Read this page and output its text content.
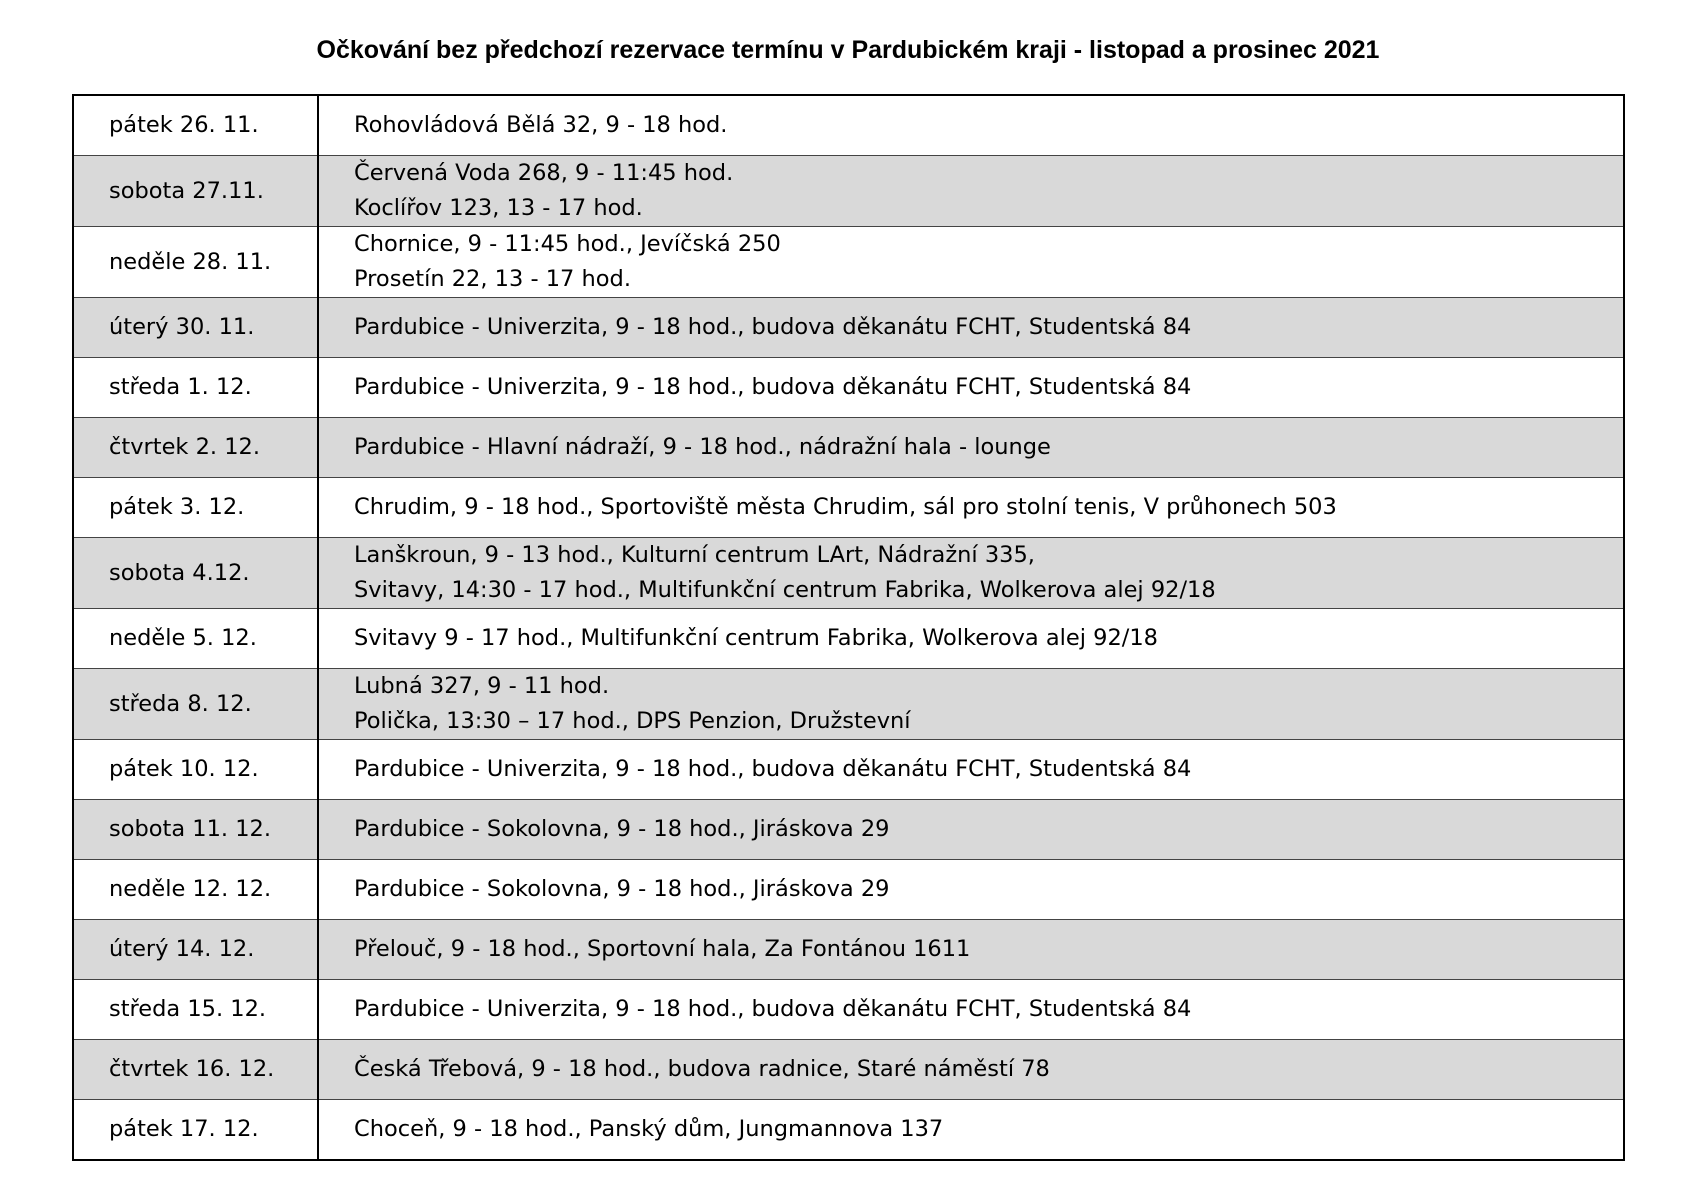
Očkování bez předchozí rezervace termínu v Pardubickém kraji - listopad a prosinec 2021
pátek 26. 11.	Rohovládová Bělá 32, 9 - 18 hod.

sobota 27.11.	Červená Voda 268, 9 - 11:45 hod.
Koclířov 123, 13 - 17 hod.

neděle 28. 11.	Chornice, 9 - 11:45 hod., Jevíčská 250
Prosetín 22, 13 - 17 hod.

úterý 30. 11.	Pardubice - Univerzita, 9 - 18 hod., budova děkanátu FCHT, Studentská 84

středa 1. 12.	Pardubice - Univerzita, 9 - 18 hod., budova děkanátu FCHT, Studentská 84

čtvrtek 2. 12.	Pardubice - Hlavní nádraží, 9 - 18 hod., nádražní hala - lounge

pátek 3. 12.	Chrudim, 9 - 18 hod., Sportoviště města Chrudim, sál pro stolní tenis, V průhonech 503

sobota 4.12.	Lanškroun, 9 - 13 hod., Kulturní centrum LArt, Nádražní 335,
Svitavy, 14:30 - 17 hod., Multifunkční centrum Fabrika, Wolkerova alej 92/18

neděle 5. 12.	Svitavy 9 - 17 hod., Multifunkční centrum Fabrika, Wolkerova alej 92/18

středa 8. 12.	Lubná 327, 9 - 11 hod.
Polička, 13:30 – 17 hod., DPS Penzion, Družstevní

pátek 10. 12.	Pardubice - Univerzita, 9 - 18 hod., budova děkanátu FCHT, Studentská 84

sobota 11. 12.	Pardubice - Sokolovna, 9 - 18 hod., Jiráskova 29

neděle 12. 12.	Pardubice - Sokolovna, 9 - 18 hod., Jiráskova 29

úterý 14. 12.	Přelouč, 9 - 18 hod., Sportovní hala, Za Fontánou 1611

středa 15. 12.	Pardubice - Univerzita, 9 - 18 hod., budova děkanátu FCHT, Studentská 84

čtvrtek 16. 12.	Česká Třebová, 9 - 18 hod., budova radnice, Staré náměstí 78

pátek 17. 12.	Choceň, 9 - 18 hod., Panský dům, Jungmannova 137
